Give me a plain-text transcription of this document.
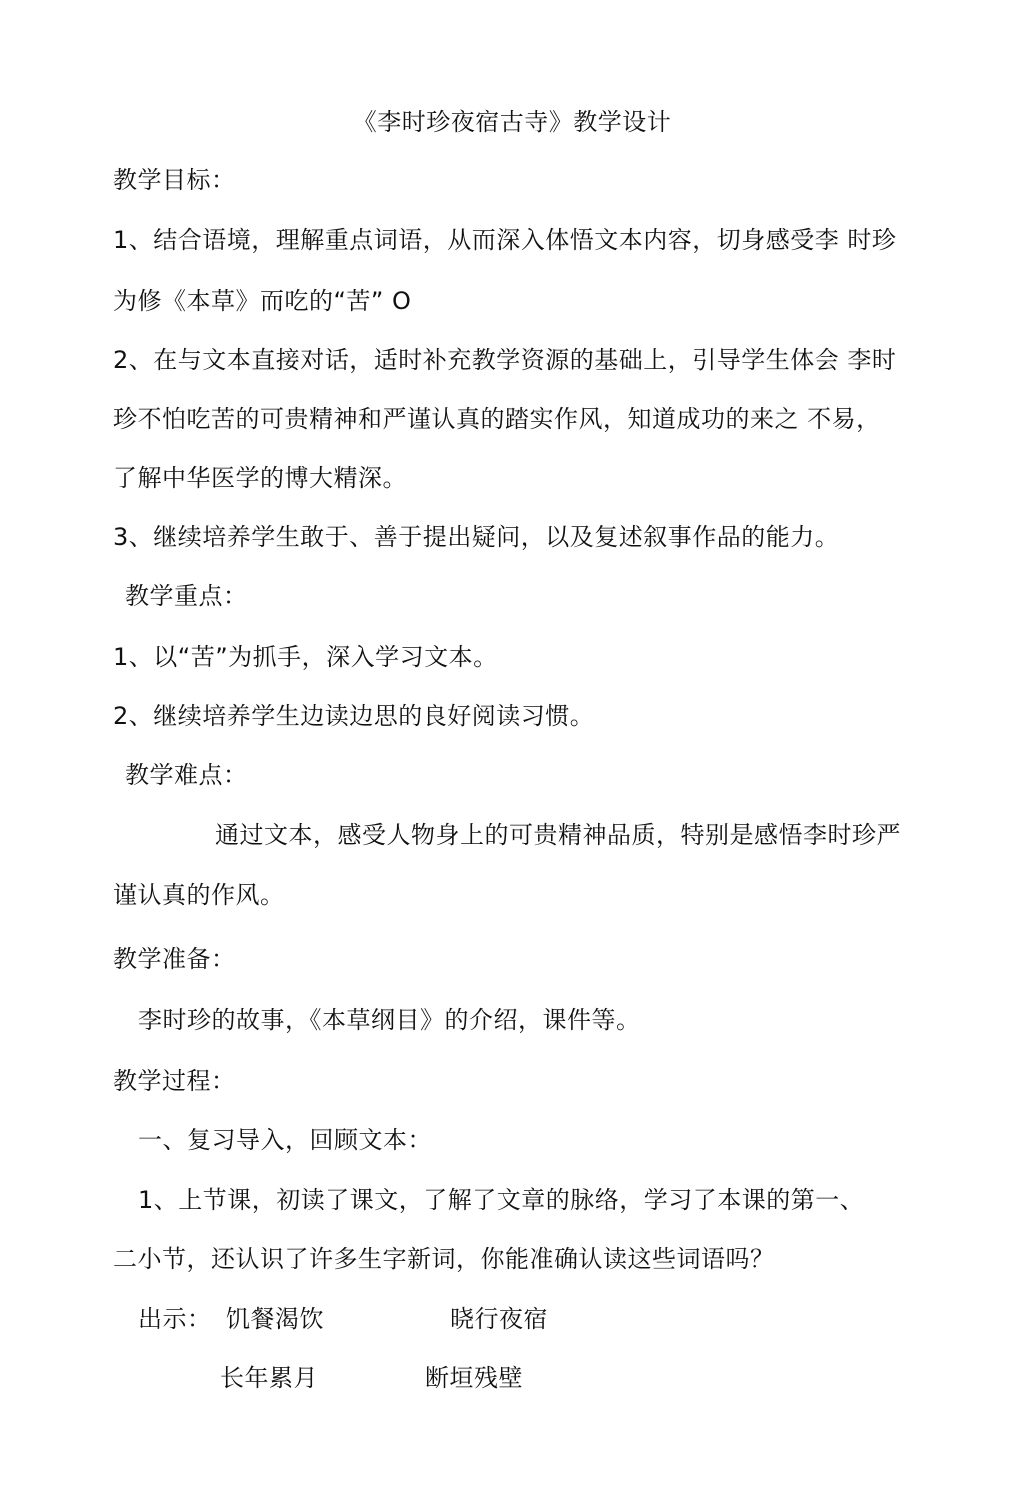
《李时珍夜宿古寺》教学设计
教学目标：
1、结合语境，理解重点词语，从而深入体悟文本内容，切身感受李 时珍
为修《本草》而吃的“苦” O
2、在与文本直接对话，适时补充教学资源的基础上，引导学生体会 李时
珍不怕吃苦的可贵精神和严谨认真的踏实作风，知道成功的来之 不易，
了解中华医学的博大精深。
3、继续培养学生敢于、善于提出疑问，以及复述叙事作品的能力。
教学重点：
1、以“苦”为抓手，深入学习文本。
2、继续培养学生边读边思的良好阅读习惯。
教学难点：
通过文本，感受人物身上的可贵精神品质，特别是感悟李时珍严
谨认真的作风。
教学准备：
李时珍的故事，《本草纲目》的介绍，课件等。
教学过程：
一、复习导入，回顾文本：
1、上节课，初读了课文，了解了文章的脉络，学习了本课的第一、
二小节，还认识了许多生字新词，你能准确认读这些词语吗？
出示： 饥餐渴饮	晓行夜宿
长年累月	断垣残壁
